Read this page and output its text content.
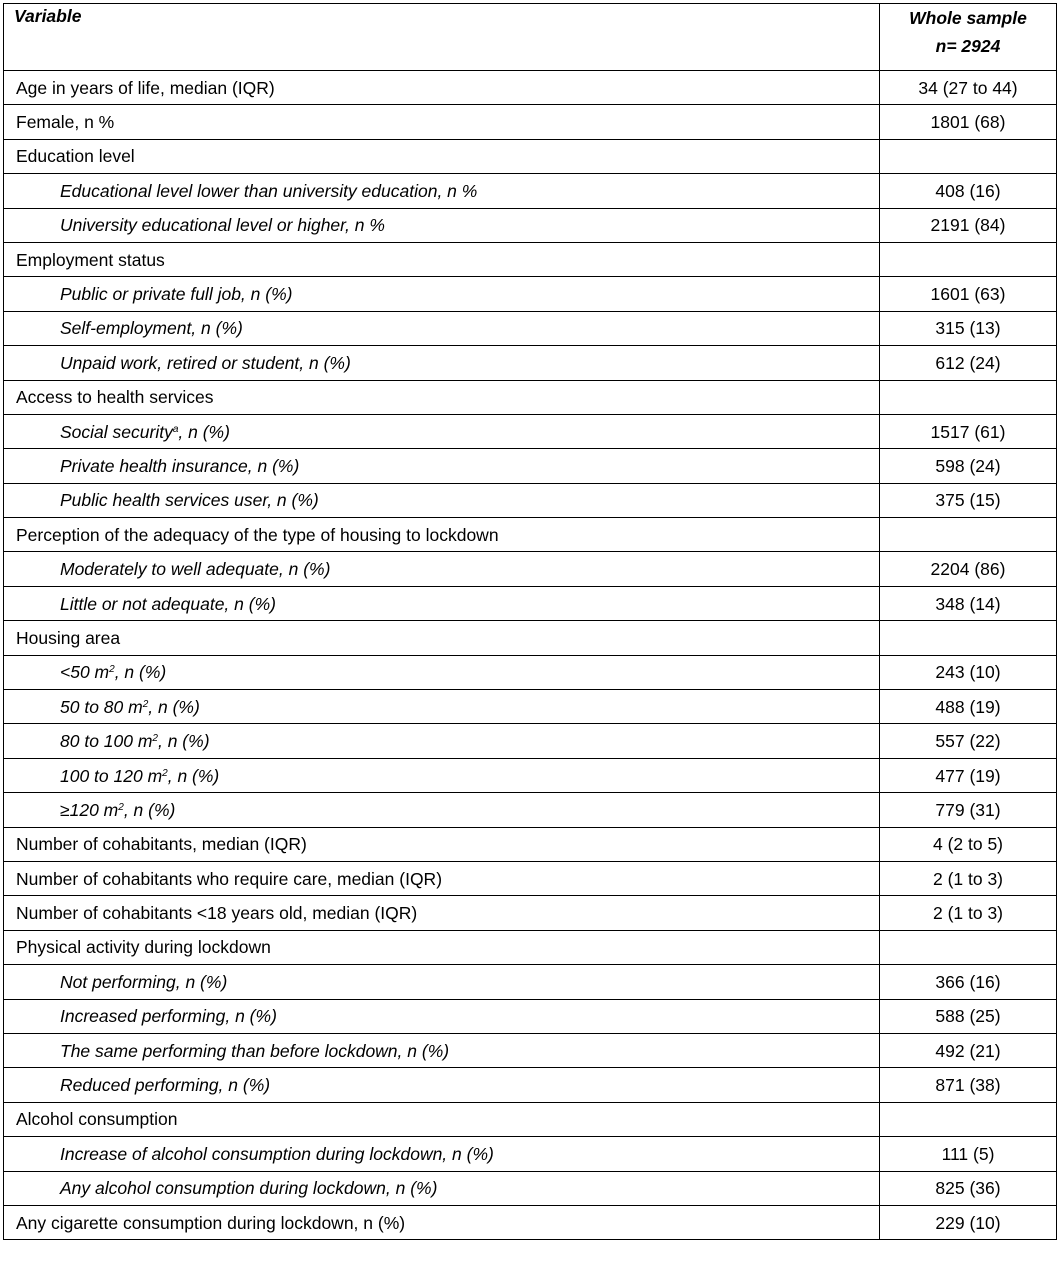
Variable	Whole sample
n= 2924

Age in years of life, median (IQR)	34 (27 to 44)
Female, n %	1801 (68)
Education level	
Educational level lower than university education, n %	408 (16)
University educational level or higher, n %	2191 (84)
Employment status	
Public or private full job, n (%)	1601 (63)
Self-employment, n (%)	315 (13)
Unpaid work, retired or student, n (%)	612 (24)
Access to health services	
Social security$^a$, n (%)	1517 (61)
Private health insurance, n (%)	598 (24)
Public health services user, n (%)	375 (15)
Perception of the adequacy of the type of housing to lockdown	
Moderately to well adequate, n (%)	2204 (86)
Little or not adequate, n (%)	348 (14)
Housing area	
<50 $m^2$, n (%)	243 (10)
50 to 80 $m^2$, n (%)	488 (19)
80 to 100 $m^2$, n (%)	557 (22)
100 to 120 $m^2$, n (%)	477 (19)
≥120 $m^2$, n (%)	779 (31)
Number of cohabitants, median (IQR)	4 (2 to 5)
Number of cohabitants who require care, median (IQR)	2 (1 to 3)
Number of cohabitants <18 years old, median (IQR)	2 (1 to 3)
Physical activity during lockdown	
Not performing, n (%)	366 (16)
Increased performing, n (%)	588 (25)
The same performing than before lockdown, n (%)	492 (21)
Reduced performing, n (%)	871 (38)
Alcohol consumption	
Increase of alcohol consumption during lockdown, n (%)	111 (5)
Any alcohol consumption during lockdown, n (%)	825 (36)
Any cigarette consumption during lockdown, n (%)	229 (10)
